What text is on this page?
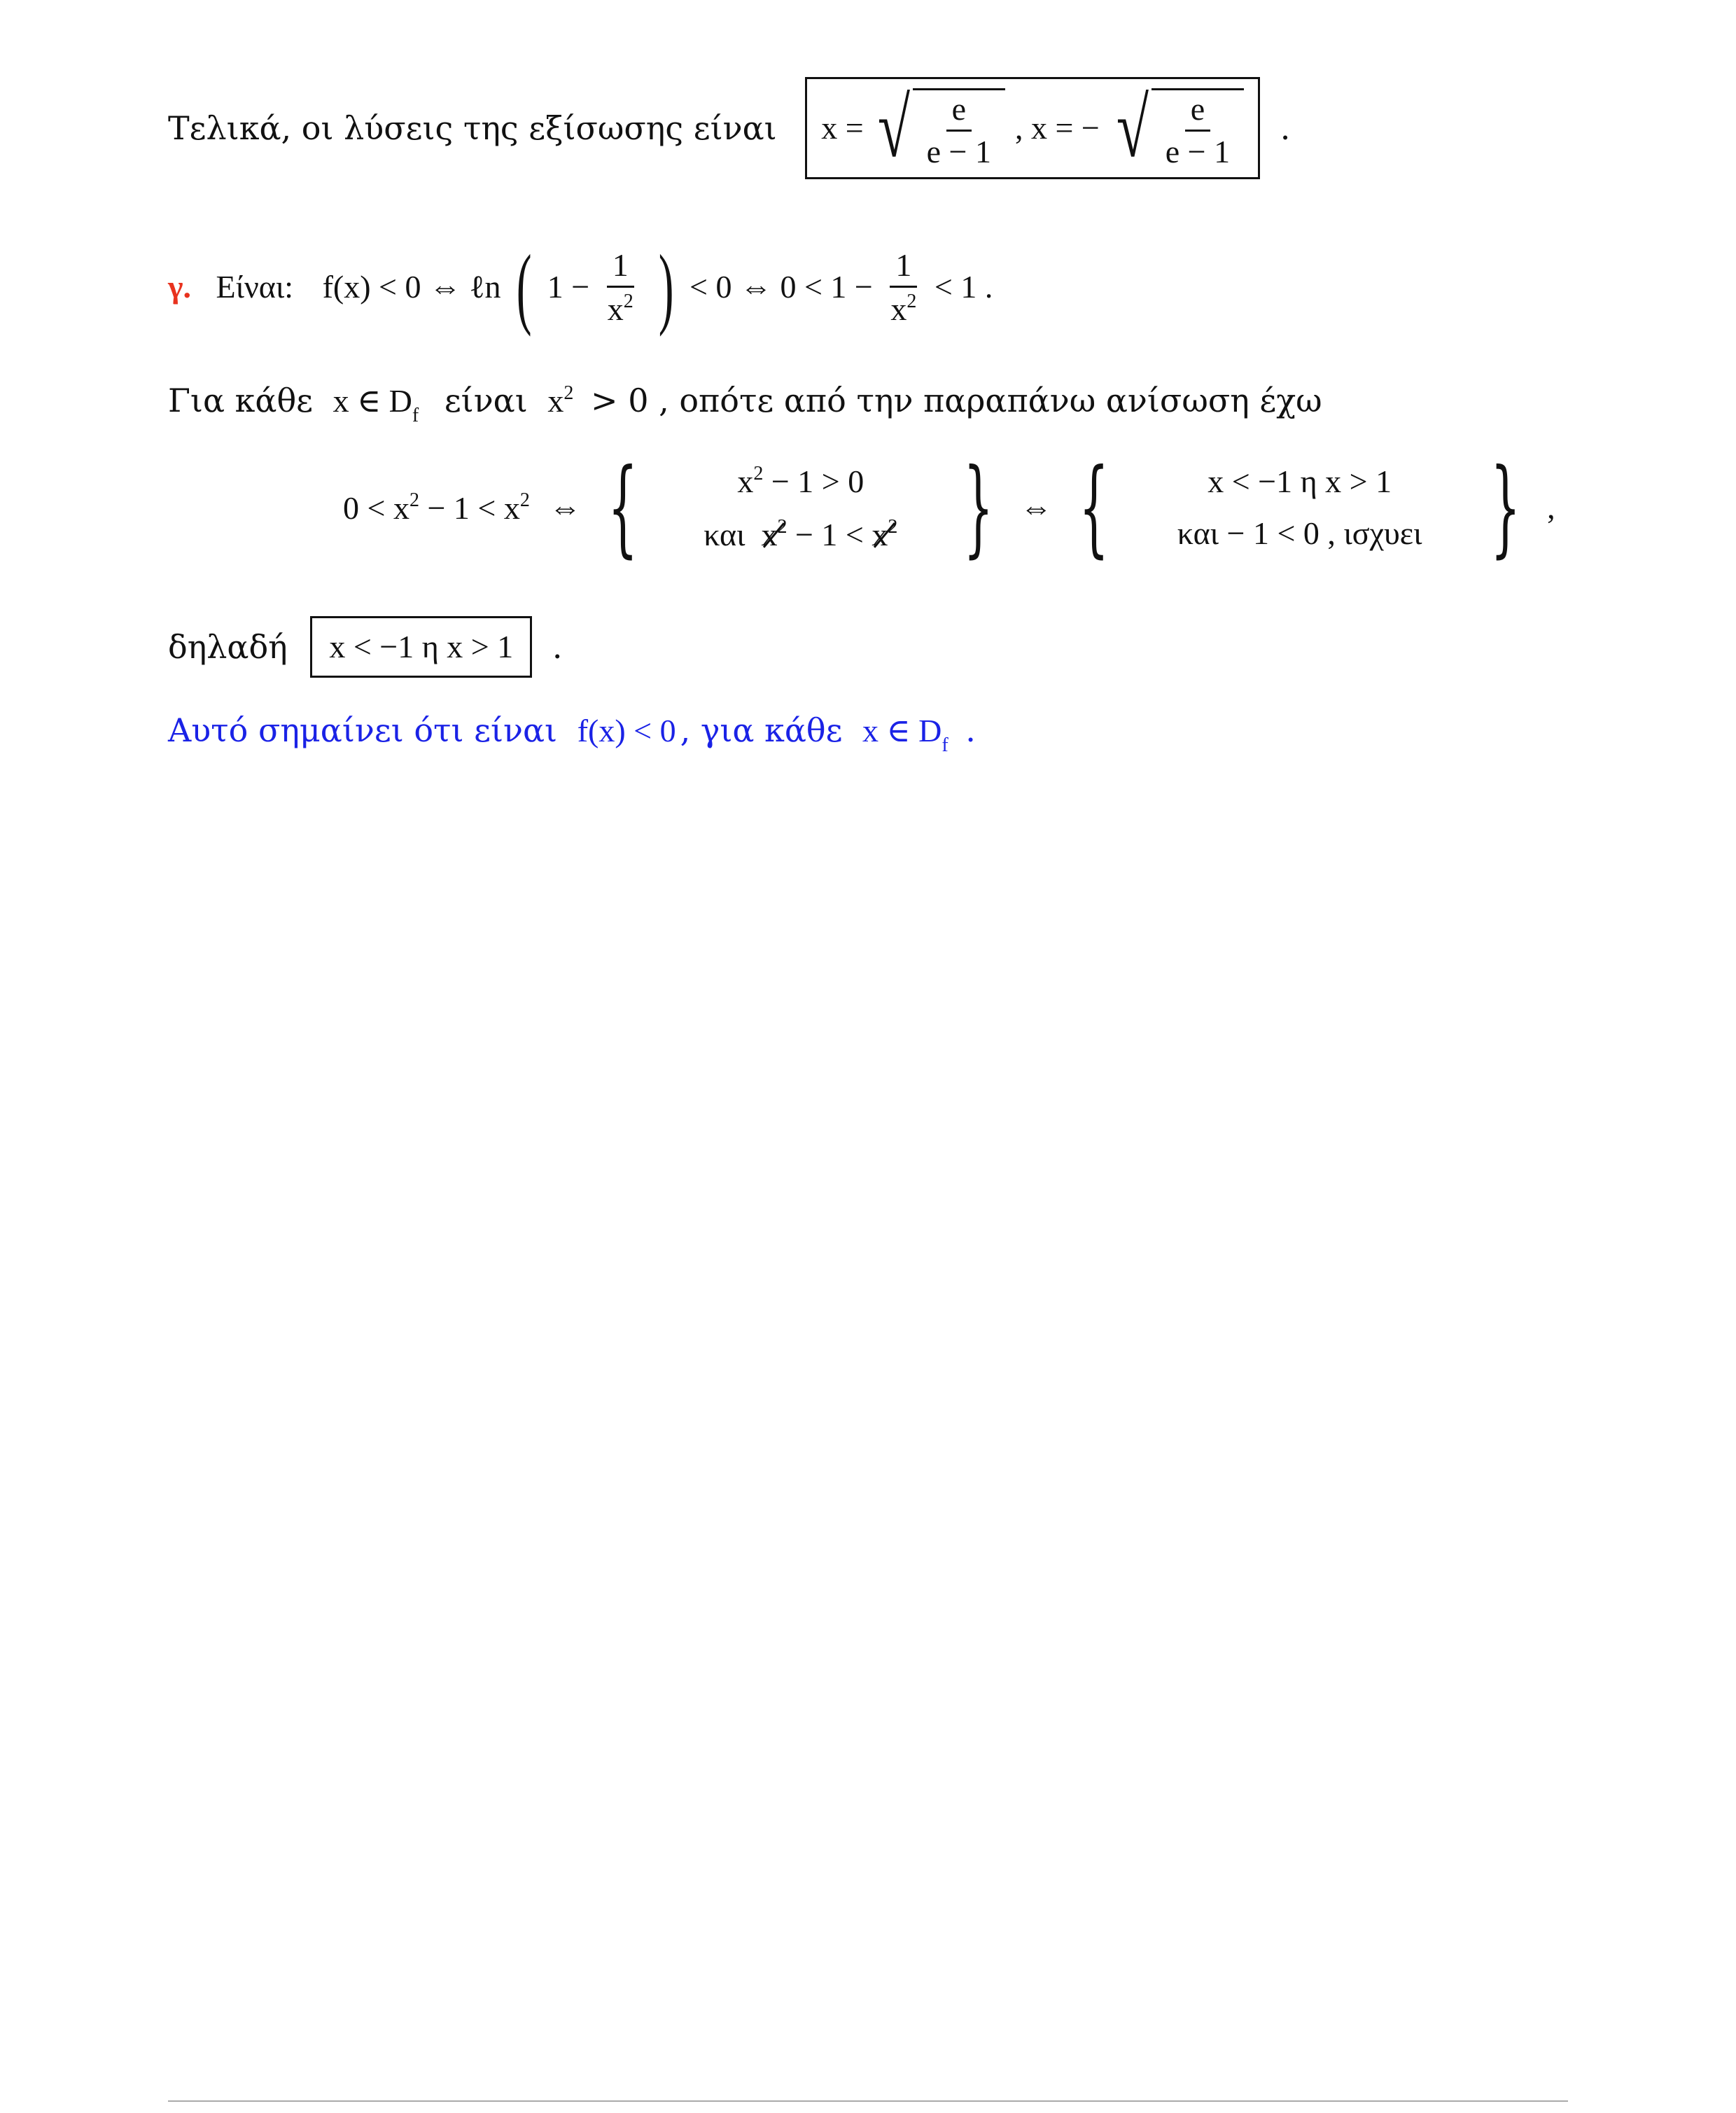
Τελικά, οι λύσεις της εξίσωσης είναι x = √ $\frac{e}{e - 1}$ , x = − √ $\frac{e}{e - 1}$ .
γ. Είναι: f(x) < 0 ⇔ ℓn ( $1 - \frac{1}{x^2}$ ) < 0 ⇔ $0 < 1 - \frac{1}{x^2} < 1$ .
Για κάθε x ∈ $D_f$ είναι $x^2 > 0$ , οπότε από την παραπάνω ανίσωση έχω
$0 < x^2 - 1 < x^2$ ⇔ {	$x^2 - 1 > 0$
και $x^2 - 1 < x^2$ } ⇔ {	x < −1 η x > 1
και − 1 < 0 , ισχυει } ,
δηλαδή x < −1 η x > 1 .
Αυτό σημαίνει ότι είναι f(x) < 0 , για κάθε x ∈ $D_f$ .
